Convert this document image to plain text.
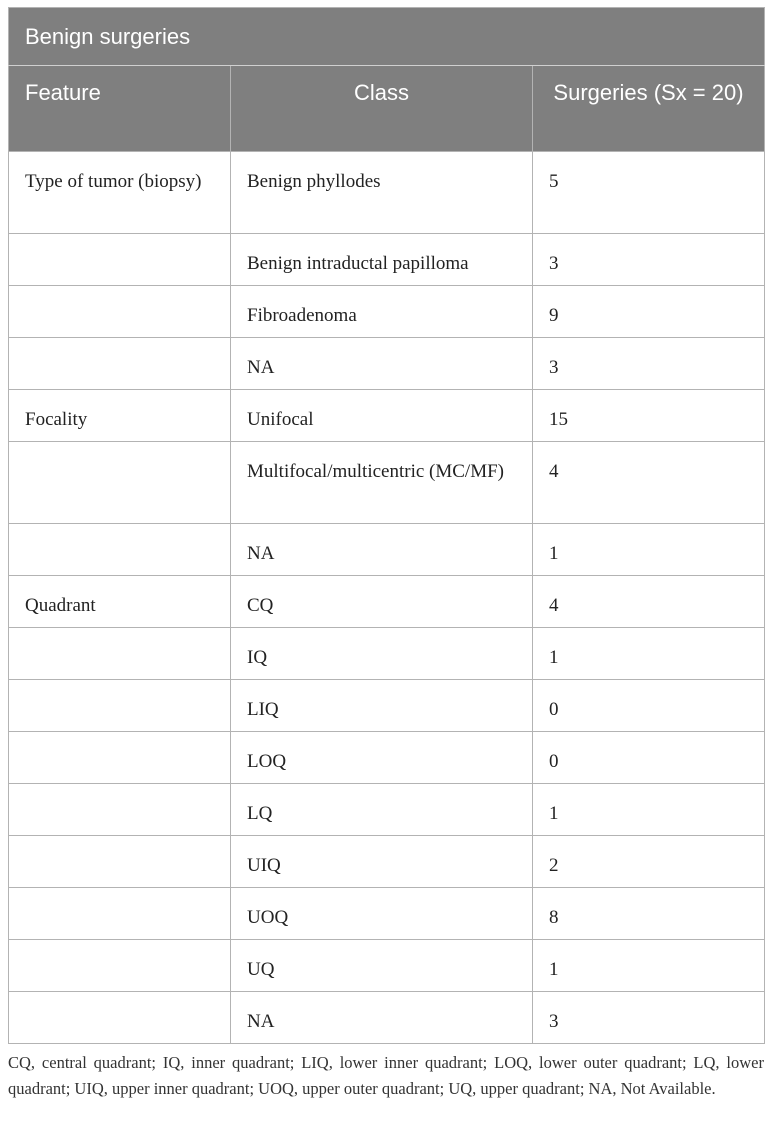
Benign surgeries		
Feature	Class	Surgeries (Sx = 20)
Type of tumor (biopsy)	Benign phyllodes	5
	Benign intraductal papilloma	3
	Fibroadenoma	9
	NA	3
Focality	Unifocal	15
	Multifocal/multicentric (MC/MF)	4
	NA	1
Quadrant	CQ	4
	IQ	1
	LIQ	0
	LOQ	0
	LQ	1
	UIQ	2
	UOQ	8
	UQ	1
	NA	3
CQ, central quadrant; IQ, inner quadrant; LIQ, lower inner quadrant; LOQ, lower outer quadrant; LQ, lower quadrant; UIQ, upper inner quadrant; UOQ, upper outer quadrant; UQ, upper quadrant; NA, Not Available.
